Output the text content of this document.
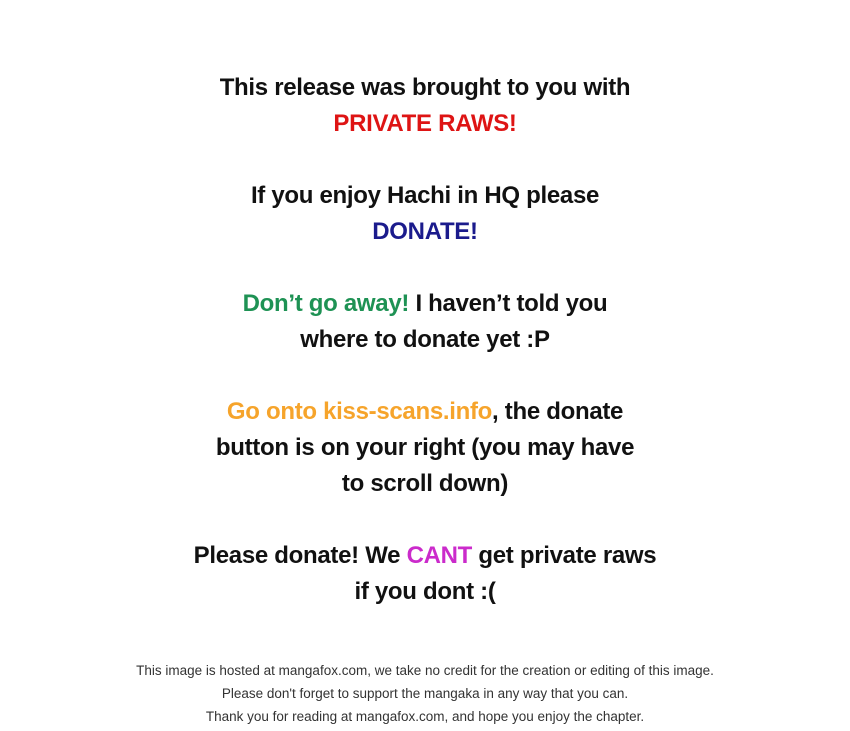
This release was brought to you with
PRIVATE RAWS!
If you enjoy Hachi in HQ please
DONATE!
Don’t go away! I haven’t told you
where to donate yet :P
Go onto kiss-scans.info, the donate
button is on your right (you may have
to scroll down)
Please donate! We CANT get private raws
if you dont :(
This image is hosted at mangafox.com, we take no credit for the creation or editing of this image.
Please don't forget to support the mangaka in any way that you can.
Thank you for reading at mangafox.com, and hope you enjoy the chapter.
